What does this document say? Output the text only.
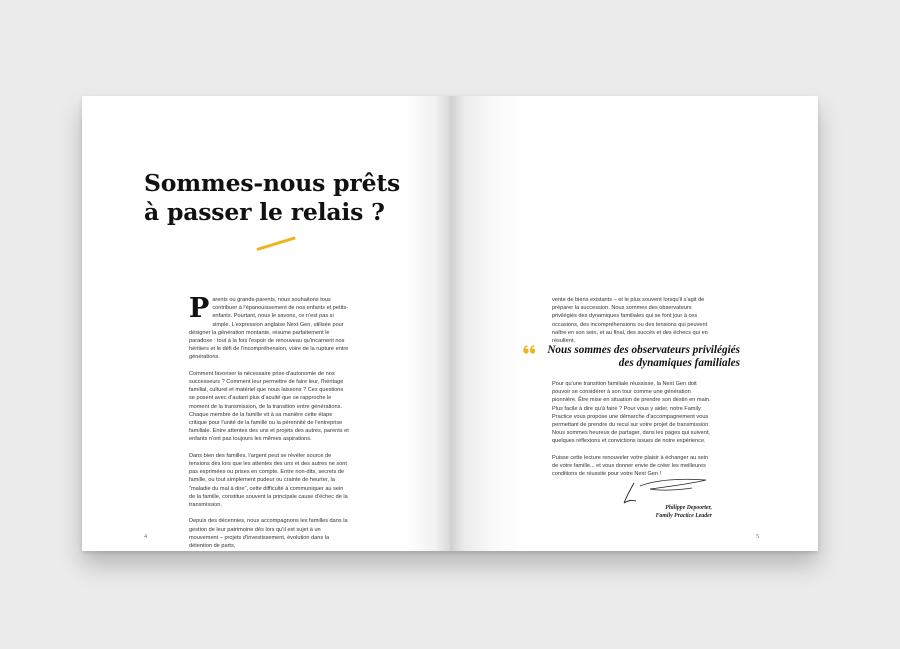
Sommes-nous prêts
à passer le relais ?

Parents ou grands-parents, nous souhaitons tous contribuer à l'épanouissement de nos enfants et petits-enfants. Pourtant, nous le savons, ce n'est pas si simple. L'expression anglaise Next Gen, utilisée pour désigner la génération montante, résume parfaitement le paradoxe : tout à la fois l'espoir de renouveau qu'incarnent nos héritiers et le défi de l'incompréhension, voire de la rupture entre générations.

Comment favoriser la nécessaire prise d'autonomie de nos successeurs ? Comment leur permettre de faire leur, l'héritage familial, culturel et matériel que nous laissons ? Ces questions se posent avec d'autant plus d'acuité que se rapproche le moment de la transmission, de la transition entre générations. Chaque membre de la famille vit à sa manière cette étape critique pour l'unité de la famille ou la pérennité de l'entreprise familiale. Entre attentes des uns et projets des autres, parents et enfants n'ont pas toujours les mêmes aspirations.

Dans bien des familles, l'argent peut se révéler source de tensions dès lors que les attentes des uns et des autres ne sont pas exprimées ou prises en compte. Entre non-dits, secrets de famille, ou tout simplement pudeur ou crainte de heurter, la "maladie du mal à dire", cette difficulté à communiquer au sein de la famille, constitue souvent la principale cause d'échec de la transmission.

Depuis des décennies, nous accompagnons les familles dans la gestion de leur patrimoine dès lors qu'il est sujet à un mouvement – projets d'investissement, évolution dans la détention de parts,

4

vente de biens existants – et le plus souvent lorsqu'il s'agit de préparer la succession. Nous sommes des observateurs privilégiés des dynamiques familiales qui se font jour à ces occasions, des incompréhensions ou des tensions qui peuvent naître en son sein, et au final, des succès et des échecs qui en résultent.

Nous sommes des observateurs privilégiés
des dynamiques familiales

Pour qu'une transition familiale réussisse, la Next Gen doit pouvoir se considérer à son tour comme une génération pionnière. Être mise en situation de prendre son destin en main. Plus facile à dire qu'à faire ? Pour vous y aider, notre Family Practice vous propose une démarche d'accompagnement vous permettant de prendre du recul sur votre projet de transmission. Nous sommes heureux de partager, dans les pages qui suivent, quelques réflexions et convictions issues de notre expérience.

Puisse cette lecture renouveler votre plaisir à échanger au sein de votre famille... et vous donner envie de créer les meilleures conditions de réussite pour votre Next Gen !

Philippe Depoorter,
Family Practice Leader
5
